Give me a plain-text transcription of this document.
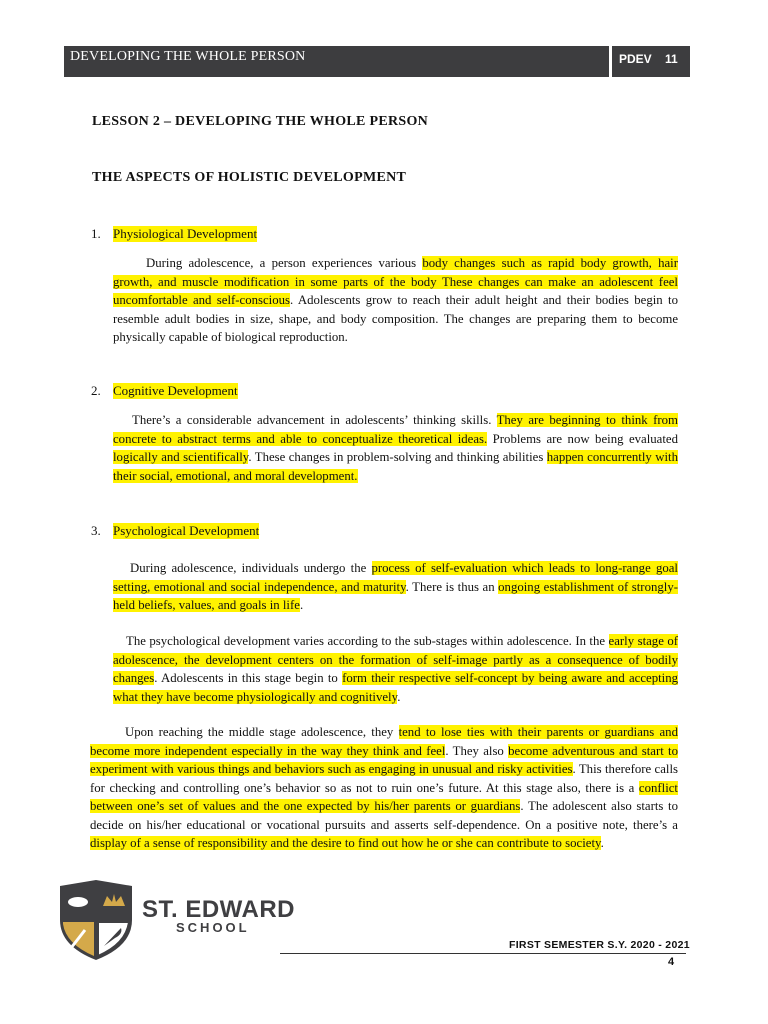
DEVELOPING THE WHOLE PERSON	PDEV 11
LESSON 2 – DEVELOPING THE WHOLE PERSON
THE ASPECTS OF HOLISTIC DEVELOPMENT
1. Physiological Development

During adolescence, a person experiences various body changes such as rapid body growth, hair growth, and muscle modification in some parts of the body These changes can make an adolescent feel uncomfortable and self-conscious. Adolescents grow to reach their adult height and their bodies begin to resemble adult bodies in size, shape, and body composition. The changes are preparing them to become physically capable of biological reproduction.

2. Cognitive Development

There’s a considerable advancement in adolescents’ thinking skills. They are beginning to think from concrete to abstract terms and able to conceptualize theoretical ideas. Problems are now being evaluated logically and scientifically. These changes in problem-solving and thinking abilities happen concurrently with their social, emotional, and moral development.

3. Psychological Development

During adolescence, individuals undergo the process of self-evaluation which leads to long-range goal setting, emotional and social independence, and maturity. There is thus an ongoing establishment of strongly-held beliefs, values, and goals in life.

The psychological development varies according to the sub-stages within adolescence. In the early stage of adolescence, the development centers on the formation of self-image partly as a consequence of bodily changes. Adolescents in this stage begin to form their respective self-concept by being aware and accepting what they have become physiologically and cognitively.

Upon reaching the middle stage adolescence, they tend to lose ties with their parents or guardians and become more independent especially in the way they think and feel. They also become adventurous and start to experiment with various things and behaviors such as engaging in unusual and risky activities. This therefore calls for checking and controlling one’s behavior so as not to ruin one’s future. At this stage also, there is a conflict between one’s set of values and the one expected by his/her parents or guardians. The adolescent also starts to decide on his/her educational or vocational pursuits and asserts self-dependence. On a positive note, there’s a display of a sense of responsibility and the desire to find out how he or she can contribute to society.

ST. EDWARD
SCHOOL
FIRST SEMESTER S.Y. 2020 - 2021
4
